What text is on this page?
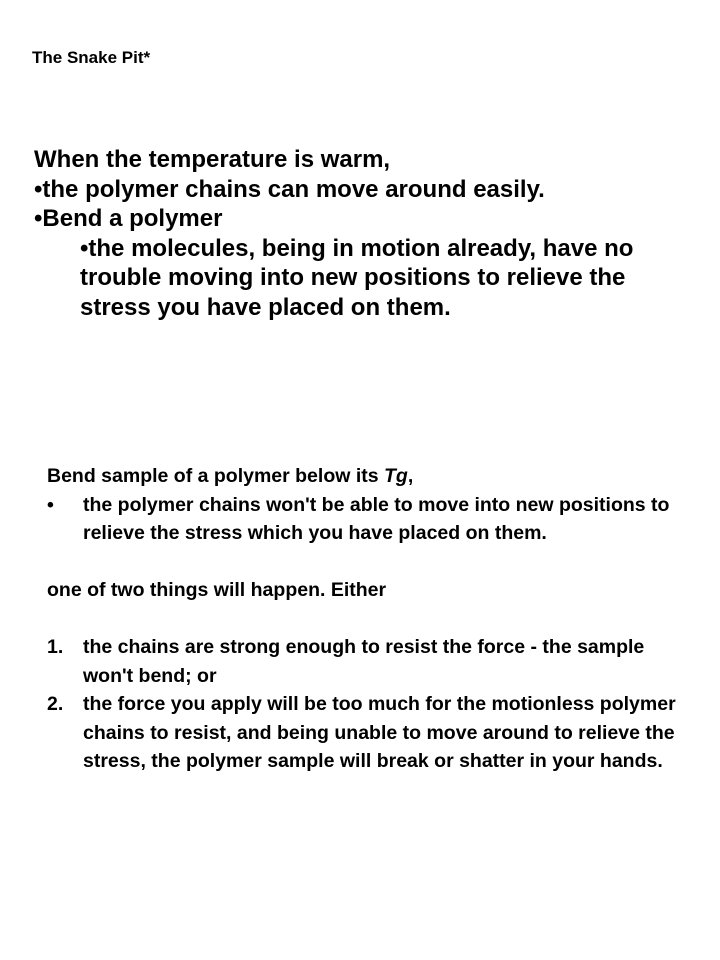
The Snake Pit*
When the temperature is warm,
•the polymer chains can move around easily.
•Bend a polymer
•the molecules, being in motion already, have no trouble moving into new positions to relieve the stress you have placed on them.
Bend sample of a polymer below its Tg,
•	the polymer chains won't be able to move into new positions to relieve the stress which you have placed on them.
one of two things will happen. Either
1.	the chains are strong enough to resist the force - the sample won't bend; or
2.	the force you apply will be too much for the motionless polymer chains to resist, and being unable to move around to relieve the stress, the polymer sample will break or shatter in your hands.
